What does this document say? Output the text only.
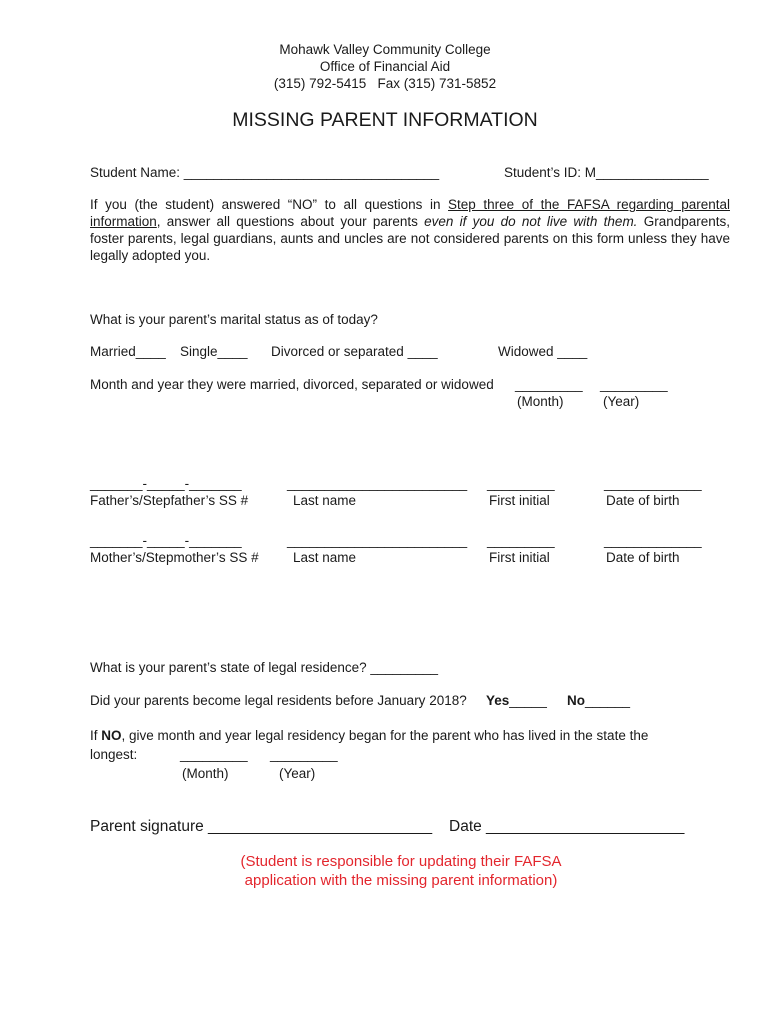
Mohawk Valley Community College
Office of Financial Aid
(315) 792-5415 Fax (315) 731-5852
MISSING PARENT INFORMATION
Student Name: __________________________________	Student’s ID: M_______________
If you (the student) answered “NO” to all questions in Step three of the FAFSA regarding parental information, answer all questions about your parents even if you do not live with them. Grandparents, foster parents, legal guardians, aunts and uncles are not considered parents on this form unless they have legally adopted you.
What is your parent’s marital status as of today?
Married____ Single____ Divorced or separated ____	Widowed ____
Month and year they were married, divorced, separated or widowed _________ _________
(Month)	(Year)
_______-_____-_______	________________________ _________	_____________
Father’s/Stepfather’s SS #	Last name	First initial	Date of birth
_______-_____-_______	________________________ _________	_____________
Mother’s/Stepmother’s SS #	Last name	First initial	Date of birth
What is your parent’s state of legal residence? _________
Did your parents become legal residents before January 2018? Yes_____ No______
If NO, give month and year legal residency began for the parent who has lived in the state the
longest:	_________ _________
(Month)	(Year)
Parent signature __________________________ Date _______________________
(Student is responsible for updating their FAFSA
application with the missing parent information)
